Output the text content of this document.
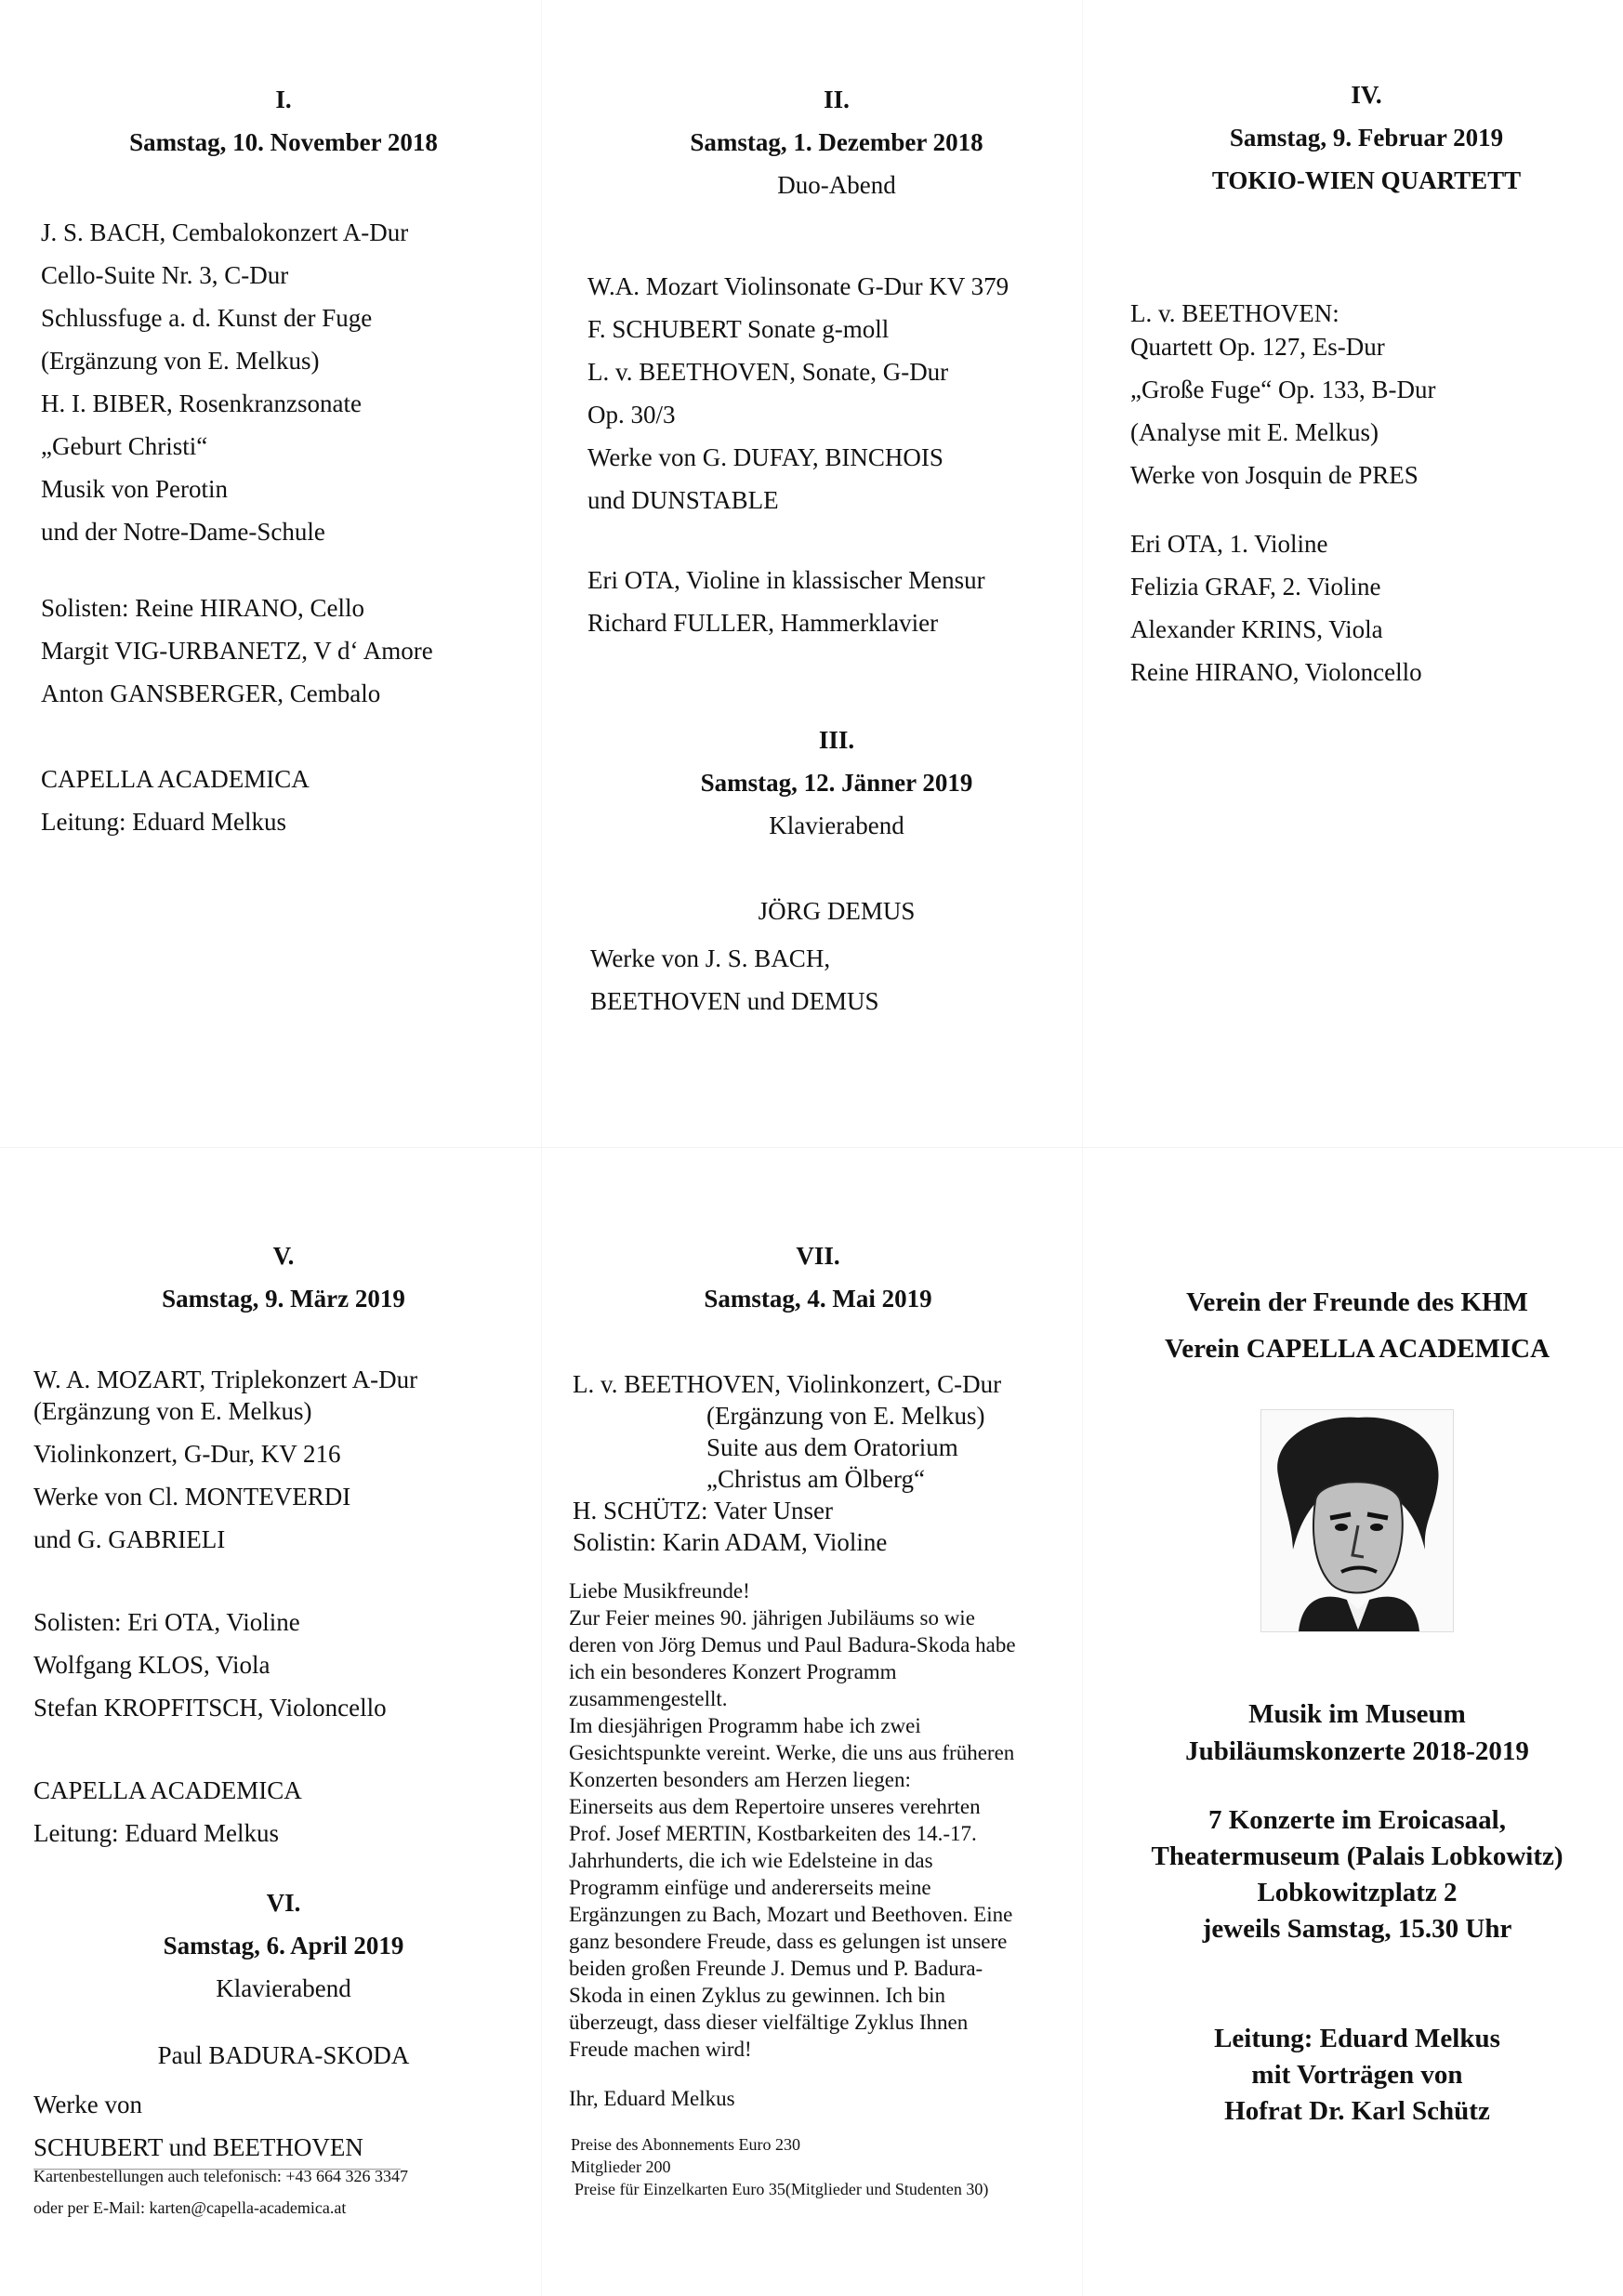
I.
Samstag, 10. November 2018
J. S. BACH, Cembalokonzert A-Dur
Cello-Suite Nr. 3, C-Dur
Schlussfuge a. d. Kunst der Fuge
(Ergänzung von E. Melkus)
H. I. BIBER, Rosenkranzsonate
„Geburt Christi“
Musik von Perotin
und der Notre-Dame-Schule
Solisten: Reine HIRANO, Cello
Margit VIG-URBANETZ, V d‘ Amore
Anton GANSBERGER, Cembalo
CAPELLA ACADEMICA
Leitung: Eduard Melkus
II.
Samstag, 1. Dezember 2018
Duo-Abend
W.A. Mozart Violinsonate G-Dur KV 379
F. SCHUBERT Sonate g-moll
L. v. BEETHOVEN, Sonate, G-Dur
Op. 30/3
Werke von G. DUFAY, BINCHOIS
und DUNSTABLE
Eri OTA, Violine in klassischer Mensur
Richard FULLER, Hammerklavier
III.
Samstag, 12. Jänner 2019
Klavierabend
JÖRG DEMUS
Werke von J. S. BACH,
BEETHOVEN und DEMUS
IV.
Samstag, 9. Februar 2019
TOKIO-WIEN QUARTETT
L. v. BEETHOVEN:
Quartett Op. 127, Es-Dur
„Große Fuge“ Op. 133, B-Dur
(Analyse mit E. Melkus)
Werke von Josquin de PRES
Eri OTA, 1. Violine
Felizia GRAF, 2. Violine
Alexander KRINS, Viola
Reine HIRANO, Violoncello
V.
Samstag, 9. März 2019
W. A. MOZART, Triplekonzert A-Dur
(Ergänzung von E. Melkus)
Violinkonzert, G-Dur, KV 216
Werke von Cl. MONTEVERDI
und G. GABRIELI
Solisten: Eri OTA, Violine
Wolfgang KLOS, Viola
Stefan KROPFITSCH, Violoncello
CAPELLA ACADEMICA
Leitung: Eduard Melkus
VI.
Samstag, 6. April 2019
Klavierabend
Paul BADURA-SKODA
Werke von
SCHUBERT und BEETHOVEN
Kartenbestellungen auch telefonisch: +43 664 326 3347
oder per E-Mail: karten@capella-academica.at
VII.
Samstag, 4. Mai 2019
L. v. BEETHOVEN, Violinkonzert, C-Dur
(Ergänzung von E. Melkus)
Suite aus dem Oratorium
„Christus am Ölberg“
H. SCHÜTZ: Vater Unser
Solistin: Karin ADAM, Violine
Liebe Musikfreunde!
Zur Feier meines 90. jährigen Jubiläums so wie
deren von Jörg Demus und Paul Badura-Skoda habe
ich ein besonderes Konzert Programm
zusammengestellt.
Im diesjährigen Programm habe ich zwei
Gesichtspunkte vereint. Werke, die uns aus früheren
Konzerten besonders am Herzen liegen:
Einerseits aus dem Repertoire unseres verehrten
Prof. Josef MERTIN, Kostbarkeiten des 14.-17.
Jahrhunderts, die ich wie Edelsteine in das
Programm einfüge und andererseits meine
Ergänzungen zu Bach, Mozart und Beethoven. Eine
ganz besondere Freude, dass es gelungen ist unsere
beiden großen Freunde J. Demus und P. Badura-
Skoda in einen Zyklus zu gewinnen. Ich bin
überzeugt, dass dieser vielfältige Zyklus Ihnen
Freude machen wird!
Ihr, Eduard Melkus
Preise des Abonnements Euro 230
Mitglieder 200
Preise für Einzelkarten Euro 35(Mitglieder und Studenten 30)
Verein der Freunde des KHM
Verein CAPELLA ACADEMICA
Musik im Museum
Jubiläumskonzerte 2018-2019
7 Konzerte im Eroicasaal,
Theatermuseum (Palais Lobkowitz)
Lobkowitzplatz 2
jeweils Samstag, 15.30 Uhr
Leitung: Eduard Melkus
mit Vorträgen von
Hofrat Dr. Karl Schütz
